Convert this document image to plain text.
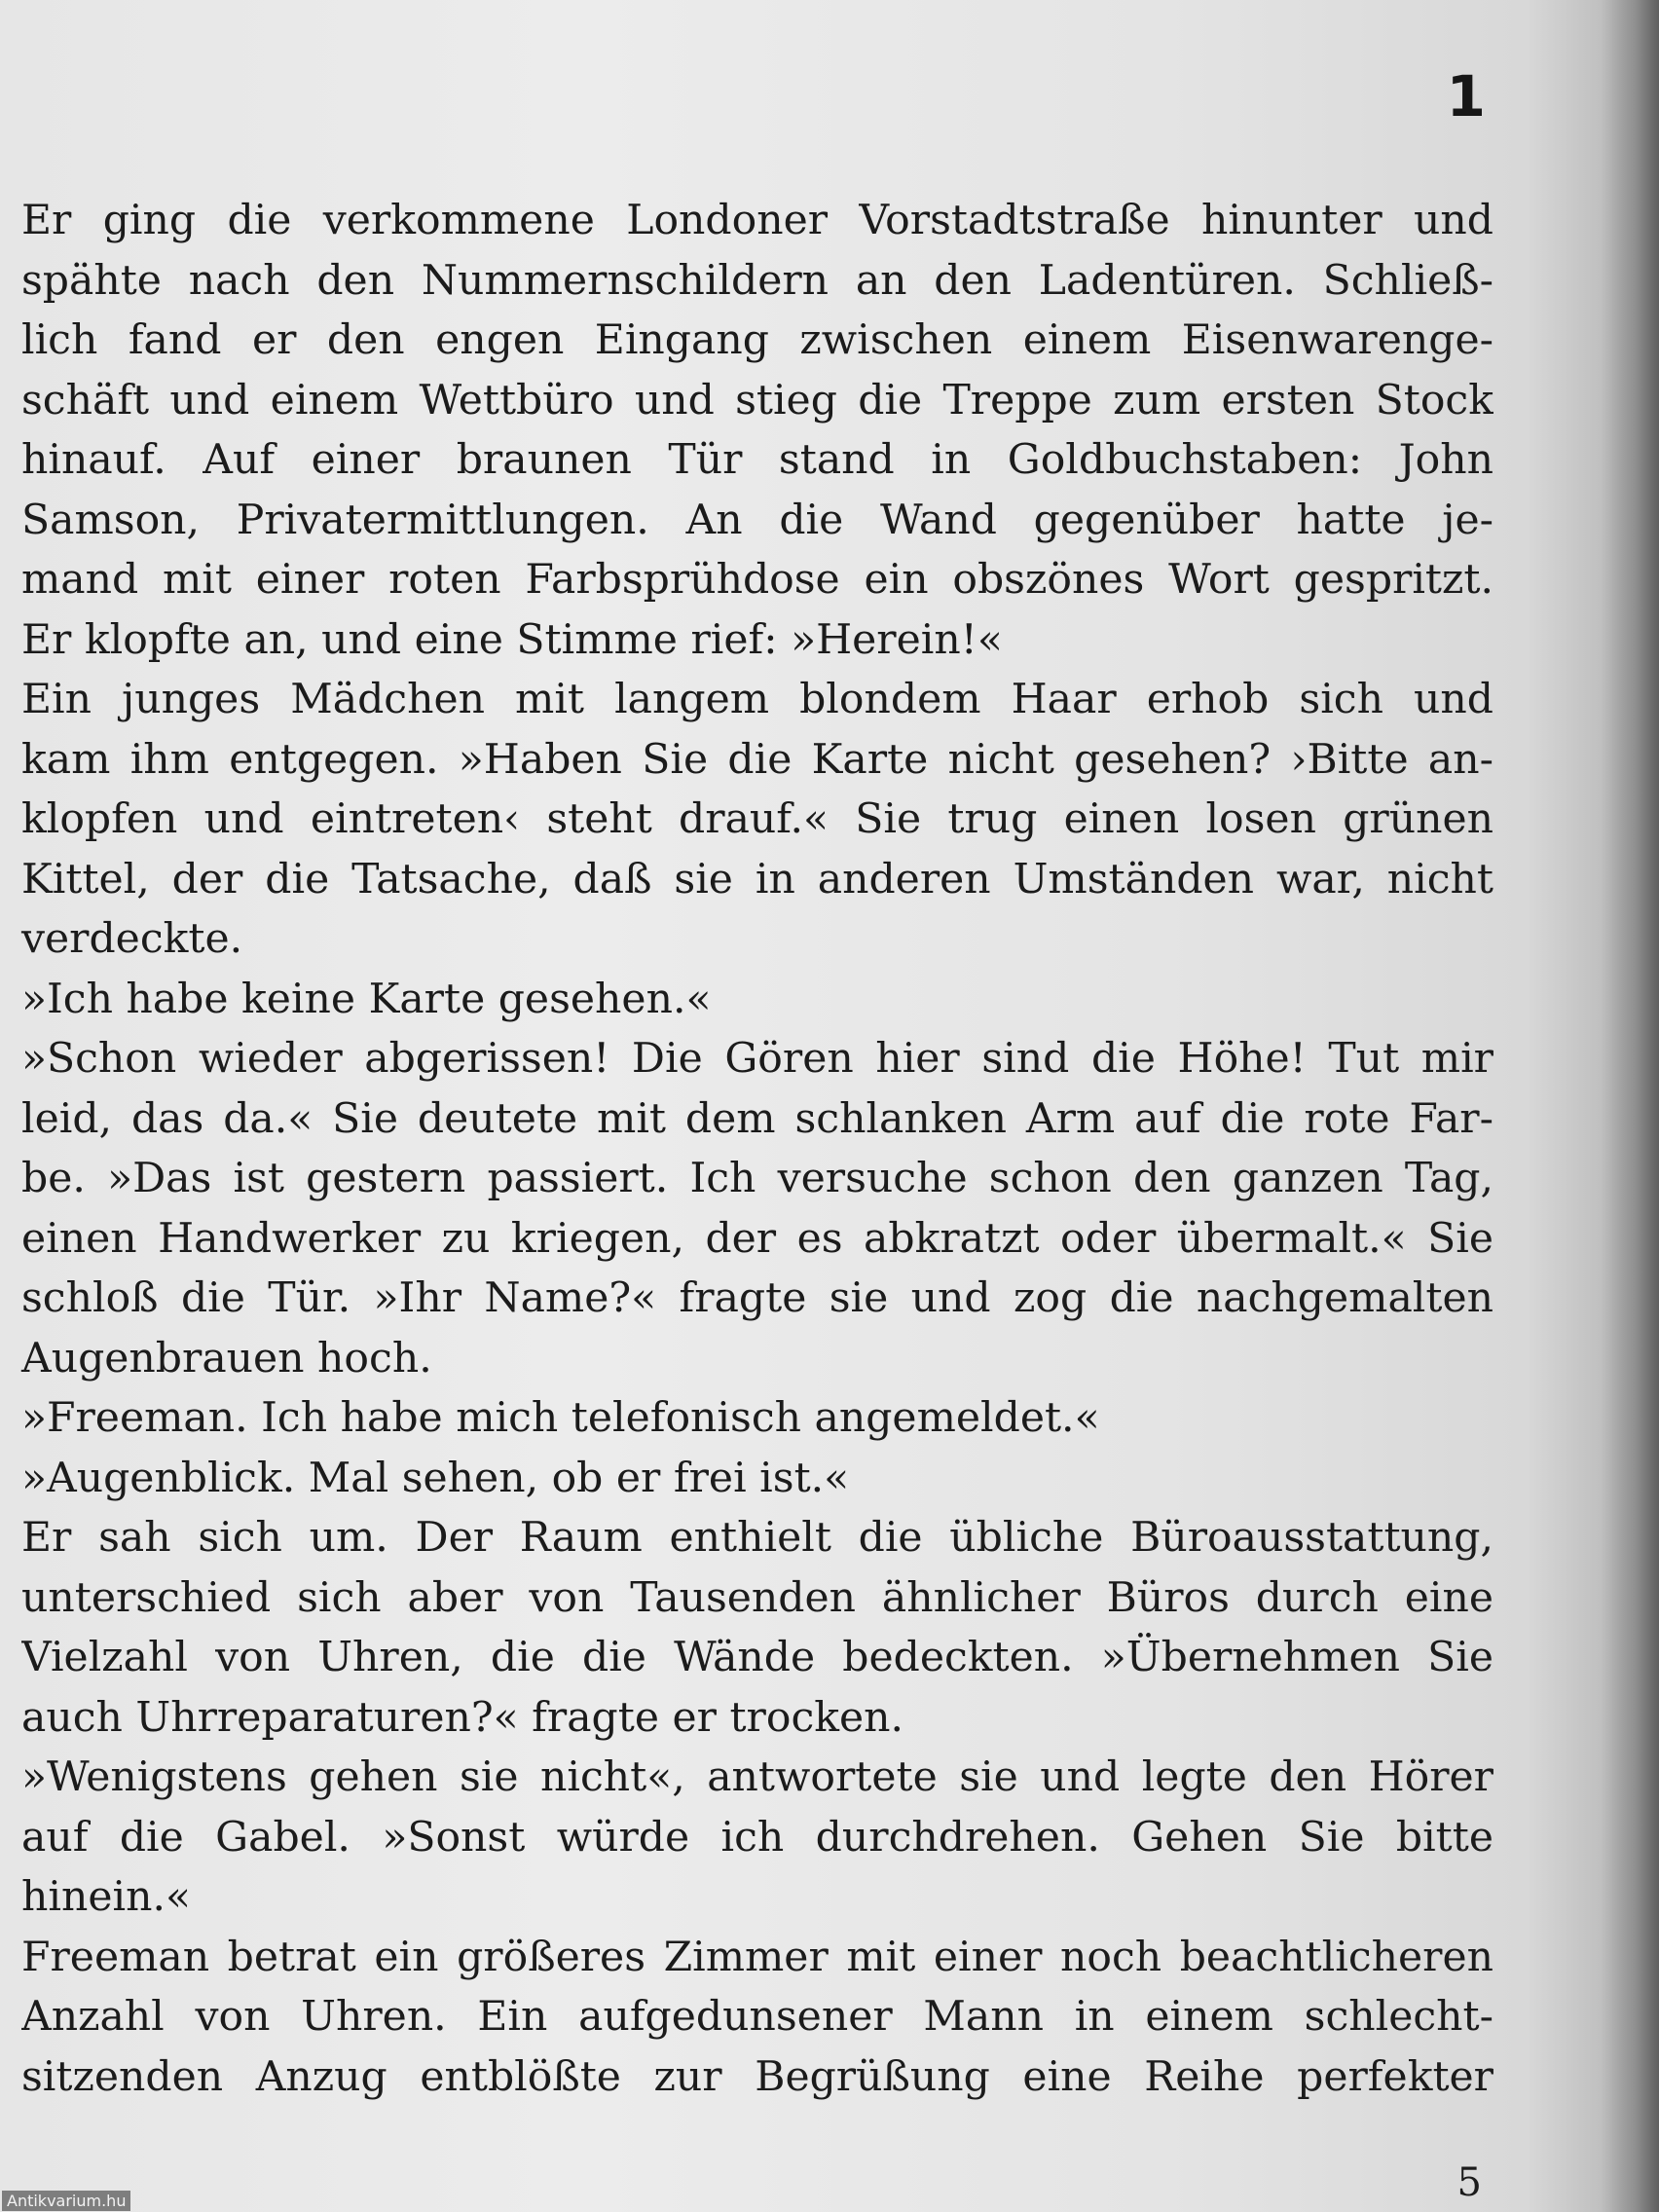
1
Er ging die verkommene Londoner Vorstadtstraße hinunter und
spähte nach den Nummernschildern an den Ladentüren. Schließ-
lich fand er den engen Eingang zwischen einem Eisenwarenge-
schäft und einem Wettbüro und stieg die Treppe zum ersten Stock
hinauf. Auf einer braunen Tür stand in Goldbuchstaben: John
Samson, Privatermittlungen. An die Wand gegenüber hatte je-
mand mit einer roten Farbsprühdose ein obszönes Wort gespritzt.
Er klopfte an, und eine Stimme rief: »Herein!«
Ein junges Mädchen mit langem blondem Haar erhob sich und
kam ihm entgegen. »Haben Sie die Karte nicht gesehen? ›Bitte an-
klopfen und eintreten‹ steht drauf.« Sie trug einen losen grünen
Kittel, der die Tatsache, daß sie in anderen Umständen war, nicht
verdeckte.
»Ich habe keine Karte gesehen.«
»Schon wieder abgerissen! Die Gören hier sind die Höhe! Tut mir
leid, das da.« Sie deutete mit dem schlanken Arm auf die rote Far-
be. »Das ist gestern passiert. Ich versuche schon den ganzen Tag,
einen Handwerker zu kriegen, der es abkratzt oder übermalt.« Sie
schloß die Tür. »Ihr Name?« fragte sie und zog die nachgemalten
Augenbrauen hoch.
»Freeman. Ich habe mich telefonisch angemeldet.«
»Augenblick. Mal sehen, ob er frei ist.«
Er sah sich um. Der Raum enthielt die übliche Büroausstattung,
unterschied sich aber von Tausenden ähnlicher Büros durch eine
Vielzahl von Uhren, die die Wände bedeckten. »Übernehmen Sie
auch Uhrreparaturen?« fragte er trocken.
»Wenigstens gehen sie nicht«, antwortete sie und legte den Hörer
auf die Gabel. »Sonst würde ich durchdrehen. Gehen Sie bitte
hinein.«
Freeman betrat ein größeres Zimmer mit einer noch beachtlicheren
Anzahl von Uhren. Ein aufgedunsener Mann in einem schlecht-
sitzenden Anzug entblößte zur Begrüßung eine Reihe perfekter
5
Antikvarium.hu
